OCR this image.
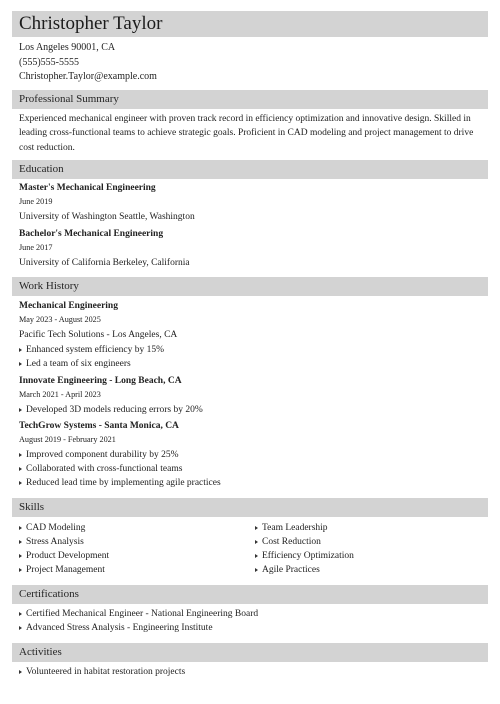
Christopher Taylor
Los Angeles 90001, CA
(555)555-5555
Christopher.Taylor@example.com
Professional Summary
Experienced mechanical engineer with proven track record in efficiency optimization and innovative design. Skilled in leading cross-functional teams to achieve strategic goals. Proficient in CAD modeling and project management to drive cost reduction.
Education
Master's Mechanical Engineering
June 2019
University of Washington Seattle, Washington
Bachelor's Mechanical Engineering
June 2017
University of California Berkeley, California
Work History
Mechanical Engineering
May 2023 - August 2025
Pacific Tech Solutions - Los Angeles, CA
Enhanced system efficiency by 15%
Led a team of six engineers
Innovate Engineering - Long Beach, CA
March 2021 - April 2023
Developed 3D models reducing errors by 20%
TechGrow Systems - Santa Monica, CA
August 2019 - February 2021
Improved component durability by 25%
Collaborated with cross-functional teams
Reduced lead time by implementing agile practices
Skills
CAD Modeling
Stress Analysis
Product Development
Project Management
Team Leadership
Cost Reduction
Efficiency Optimization
Agile Practices
Certifications
Certified Mechanical Engineer - National Engineering Board
Advanced Stress Analysis - Engineering Institute
Activities
Volunteered in habitat restoration projects
